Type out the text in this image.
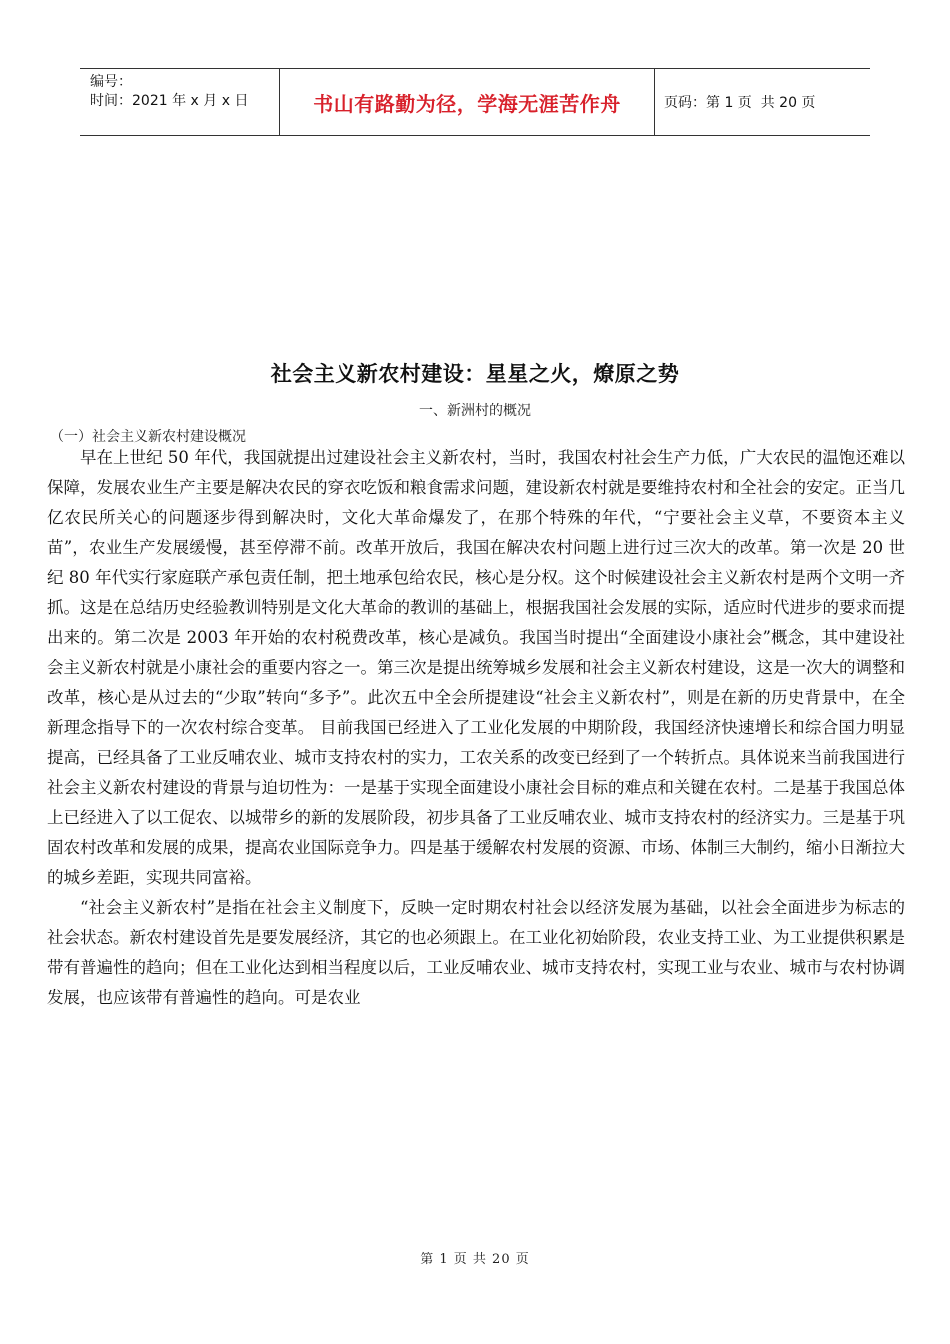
编号：
时间：2021 年 x 月 x 日	书山有路勤为径，学海无涯苦作舟	页码：第 1 页  共 20 页
社会主义新农村建设：星星之火，燎原之势
一、新洲村的概况
（一）社会主义新农村建设概况

早在上世纪 50 年代，我国就提出过建设社会主义新农村，当时，我国农村社会生产力低，广大农民的温饱还难以保障，发展农业生产主要是解决农民的穿衣吃饭和粮食需求问题，建设新农村就是要维持农村和全社会的安定。正当几亿农民所关心的问题逐步得到解决时，文化大革命爆发了，在那个特殊的年代，“宁要社会主义草，不要资本主义苗”，农业生产发展缓慢，甚至停滞不前。改革开放后，我国在解决农村问题上进行过三次大的改革。第一次是 20 世纪 80 年代实行家庭联产承包责任制，把土地承包给农民，核心是分权。这个时候建设社会主义新农村是两个文明一齐抓。这是在总结历史经验教训特别是文化大革命的教训的基础上，根据我国社会发展的实际，适应时代进步的要求而提出来的。第二次是 2003 年开始的农村税费改革，核心是减负。我国当时提出“全面建设小康社会”概念，其中建设社会主义新农村就是小康社会的重要内容之一。第三次是提出统筹城乡发展和社会主义新农村建设，这是一次大的调整和改革，核心是从过去的“少取”转向“多予”。此次五中全会所提建设“社会主义新农村”，则是在新的历史背景中，在全新理念指导下的一次农村综合变革。 目前我国已经进入了工业化发展的中期阶段，我国经济快速增长和综合国力明显提高，已经具备了工业反哺农业、城市支持农村的实力，工农关系的改变已经到了一个转折点。具体说来当前我国进行社会主义新农村建设的背景与迫切性为：一是基于实现全面建设小康社会目标的难点和关键在农村。二是基于我国总体上已经进入了以工促农、以城带乡的新的发展阶段，初步具备了工业反哺农业、城市支持农村的经济实力。三是基于巩固农村改革和发展的成果，提高农业国际竞争力。四是基于缓解农村发展的资源、市场、体制三大制约，缩小日渐拉大的城乡差距，实现共同富裕。

“社会主义新农村”是指在社会主义制度下，反映一定时期农村社会以经济发展为基础，以社会全面进步为标志的社会状态。新农村建设首先是要发展经济，其它的也必须跟上。在工业化初始阶段，农业支持工业、为工业提供积累是带有普遍性的趋向；但在工业化达到相当程度以后，工业反哺农业、城市支持农村，实现工业与农业、城市与农村协调发展，也应该带有普遍性的趋向。可是农业

第 1 页 共 20 页
